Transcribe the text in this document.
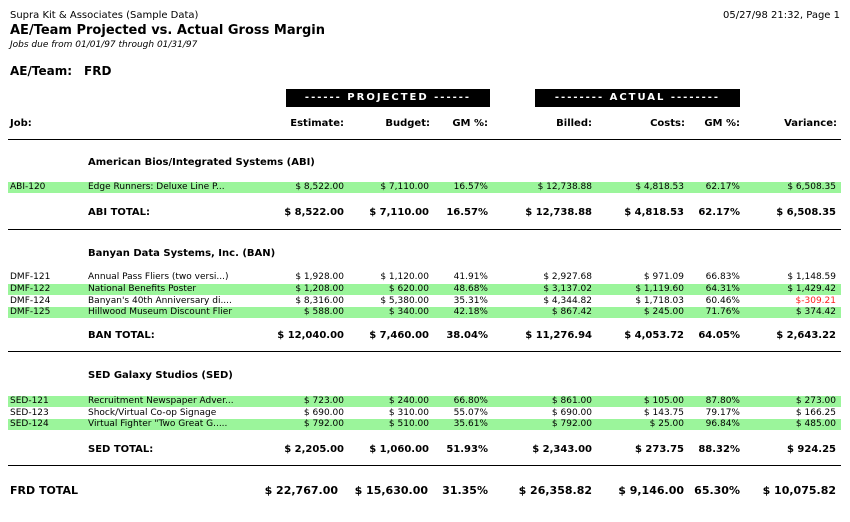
Supra Kit & Associates (Sample Data)	05/27/98 21:32, Page 1
AE/Team Projected vs. Actual Gross Margin
Jobs due from 01/01/97 through 01/31/97
AE/Team: FRD
------ PROJECTED ------	-------- ACTUAL --------
Job:	Estimate:	Budget:	GM %:	Billed:	Costs:	GM %:	Variance:
American Bios/Integrated Systems (ABI)
ABI-120	Edge Runners: Deluxe Line P...	$ 8,522.00	$ 7,110.00	16.57%	$ 12,738.88	$ 4,818.53	62.17%	$ 6,508.35
ABI TOTAL:	$ 8,522.00	$ 7,110.00	16.57%	$ 12,738.88	$ 4,818.53	62.17%	$ 6,508.35
Banyan Data Systems, Inc. (BAN)
DMF-121	Annual Pass Fliers (two versi...)	$ 1,928.00	$ 1,120.00	41.91%	$ 2,927.68	$ 971.09	66.83%	$ 1,148.59
DMF-122	National Benefits Poster	$ 1,208.00	$ 620.00	48.68%	$ 3,137.02	$ 1,119.60	64.31%	$ 1,429.42
DMF-124	Banyan's 40th Anniversary di....	$ 8,316.00	$ 5,380.00	35.31%	$ 4,344.82	$ 1,718.03	60.46%	$-309.21
DMF-125	Hillwood Museum Discount Flier	$ 588.00	$ 340.00	42.18%	$ 867.42	$ 245.00	71.76%	$ 374.42
BAN TOTAL:	$ 12,040.00	$ 7,460.00	38.04%	$ 11,276.94	$ 4,053.72	64.05%	$ 2,643.22
SED Galaxy Studios (SED)
SED-121	Recruitment Newspaper Adver...	$ 723.00	$ 240.00	66.80%	$ 861.00	$ 105.00	87.80%	$ 273.00
SED-123	Shock/Virtual Co-op Signage	$ 690.00	$ 310.00	55.07%	$ 690.00	$ 143.75	79.17%	$ 166.25
SED-124	Virtual Fighter "Two Great G.....	$ 792.00	$ 510.00	35.61%	$ 792.00	$ 25.00	96.84%	$ 485.00
SED TOTAL:	$ 2,205.00	$ 1,060.00	51.93%	$ 2,343.00	$ 273.75	88.32%	$ 924.25
FRD TOTAL	$ 22,767.00	$ 15,630.00	31.35%	$ 26,358.82	$ 9,146.00 65.30%	$ 10,075.82
